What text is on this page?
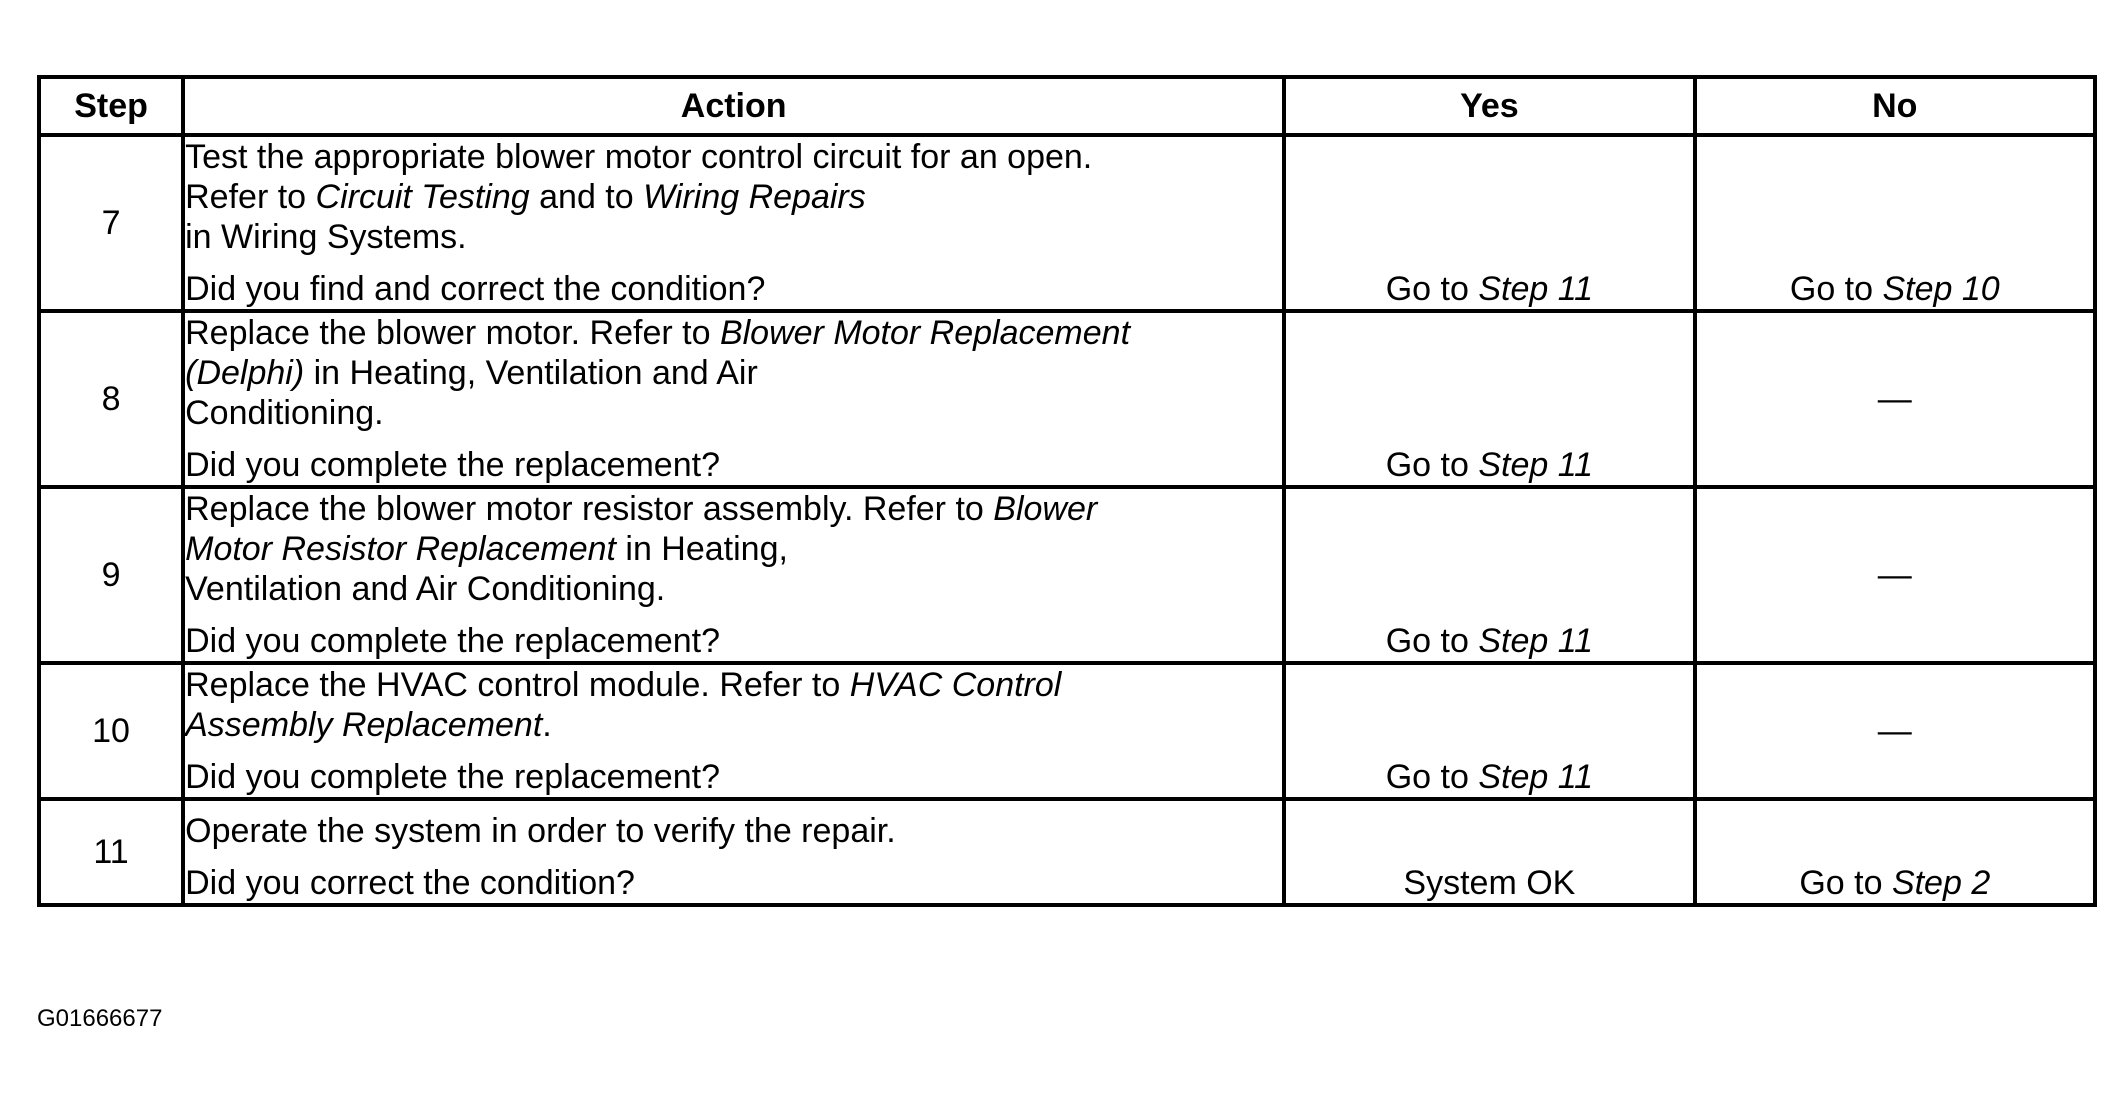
Step	Action	Yes	No
7	Test the appropriate blower motor control circuit for an open.
Refer to Circuit Testing and to Wiring Repairs
in Wiring Systems.
Did you find and correct the condition?	Go to Step 11	Go to Step 10
8	Replace the blower motor. Refer to Blower Motor Replacement
(Delphi) in Heating, Ventilation and Air
Conditioning.
Did you complete the replacement?	Go to Step 11	—
9	Replace the blower motor resistor assembly. Refer to Blower
Motor Resistor Replacement in Heating,
Ventilation and Air Conditioning.
Did you complete the replacement?	Go to Step 11	—
10	Replace the HVAC control module. Refer to HVAC Control
Assembly Replacement.
Did you complete the replacement?	Go to Step 11	—
11	Operate the system in order to verify the repair.
Did you correct the condition?	System OK	Go to Step 2
G01666677
